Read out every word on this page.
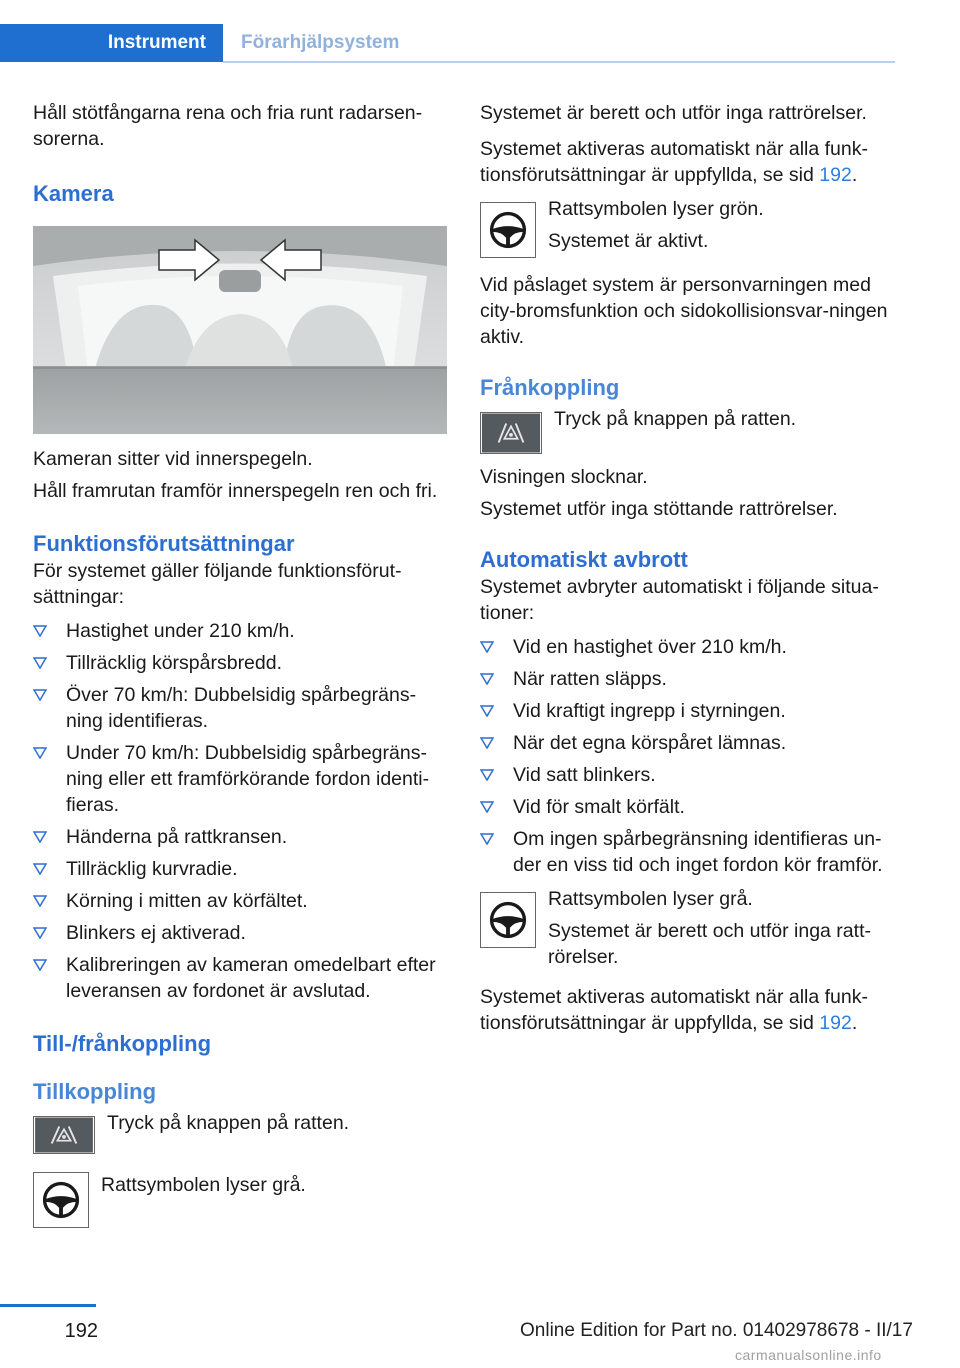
Instrument Förarhjälpsystem

Håll stötfångarna rena och fria runt radarsen-sorerna.

Kamera

Kameran sitter vid innerspegeln.

Håll framrutan framför innerspegeln ren och fri.

Funktionsförutsättningar

För systemet gäller följande funktionsförut-sättningar:

Hastighet under 210 km/h.
Tillräcklig körspårsbredd.
Över 70 km/h: Dubbelsidig spårbegräns-ning identifieras.
Under 70 km/h: Dubbelsidig spårbegräns-ning eller ett framförkörande fordon identi-fieras.
Händerna på rattkransen.
Tillräcklig kurvradie.
Körning i mitten av körfältet.
Blinkers ej aktiverad.
Kalibreringen av kameran omedelbart efter leveransen av fordonet är avslutad.
Till-/frånkoppling
Tillkoppling
Tryck på knappen på ratten.
Rattsymbolen lyser grå.

Systemet är berett och utför inga rattrörelser.

Systemet aktiveras automatiskt när alla funk-tionsförutsättningar är uppfyllda, se sid 192.

Rattsymbolen lyser grön.

Systemet är aktivt.

Vid påslaget system är personvarningen med city-bromsfunktion och sidokollisionsvar-ningen aktiv.

Frånkoppling
Tryck på knappen på ratten.

Visningen slocknar.

Systemet utför inga stöttande rattrörelser.

Automatiskt avbrott

Systemet avbryter automatiskt i följande situa-tioner:

Vid en hastighet över 210 km/h.
När ratten släpps.
Vid kraftigt ingrepp i styrningen.
När det egna körspåret lämnas.
Vid satt blinkers.
Vid för smalt körfält.
Om ingen spårbegränsning identifieras un-der en viss tid och inget fordon kör framför.

Rattsymbolen lyser grå.

Systemet är berett och utför inga ratt-rörelser.

Systemet aktiveras automatiskt när alla funk-tionsförutsättningar är uppfyllda, se sid 192.

192	Online Edition for Part no. 01402978678 - II/17
carmanualsonline.info
